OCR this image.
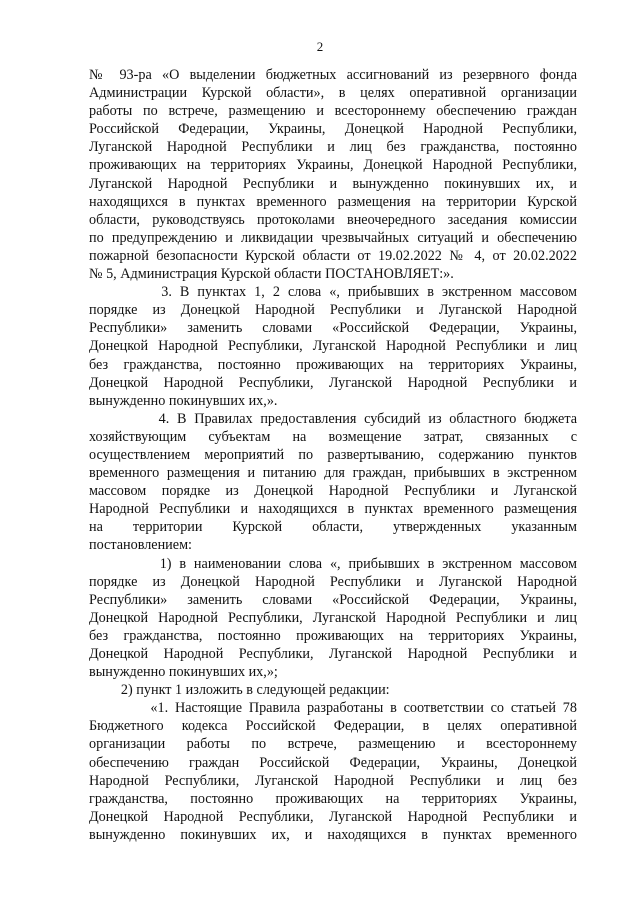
2
№ 93-ра «О выделении бюджетных ассигнований из резервного фонда
Администрации Курской области», в целях оперативной организации
работы по встрече, размещению и всестороннему обеспечению граждан
Российской Федерации, Украины, Донецкой Народной Республики,
Луганской Народной Республики и лиц без гражданства, постоянно
проживающих на территориях Украины, Донецкой Народной Республики,
Луганской Народной Республики и вынужденно покинувших их, и
находящихся в пунктах временного размещения на территории Курской
области, руководствуясь протоколами внеочередного заседания комиссии
по предупреждению и ликвидации чрезвычайных ситуаций и обеспечению
пожарной безопасности Курской области от 19.02.2022 № 4, от 20.02.2022
№ 5, Администрация Курской области ПОСТАНОВЛЯЕТ:».
3. В пунктах 1, 2 слова «, прибывших в экстренном массовом
порядке из Донецкой Народной Республики и Луганской Народной
Республики» заменить словами «Российской Федерации, Украины,
Донецкой Народной Республики, Луганской Народной Республики и лиц
без гражданства, постоянно проживающих на территориях Украины,
Донецкой Народной Республики, Луганской Народной Республики и
вынужденно покинувших их,».
4. В Правилах предоставления субсидий из областного бюджета
хозяйствующим субъектам на возмещение затрат, связанных с
осуществлением мероприятий по развертыванию, содержанию пунктов
временного размещения и питанию для граждан, прибывших в экстренном
массовом порядке из Донецкой Народной Республики и Луганской
Народной Республики и находящихся в пунктах временного размещения
на территории Курской области, утвержденных указанным
постановлением:
1) в наименовании слова «, прибывших в экстренном массовом
порядке из Донецкой Народной Республики и Луганской Народной
Республики» заменить словами «Российской Федерации, Украины,
Донецкой Народной Республики, Луганской Народной Республики и лиц
без гражданства, постоянно проживающих на территориях Украины,
Донецкой Народной Республики, Луганской Народной Республики и
вынужденно покинувших их,»;
2) пункт 1 изложить в следующей редакции:
«1. Настоящие Правила разработаны в соответствии со статьей 78
Бюджетного кодекса Российской Федерации, в целях оперативной
организации работы по встрече, размещению и всестороннему
обеспечению граждан Российской Федерации, Украины, Донецкой
Народной Республики, Луганской Народной Республики и лиц без
гражданства, постоянно проживающих на территориях Украины,
Донецкой Народной Республики, Луганской Народной Республики и
вынужденно покинувших их, и находящихся в пунктах временного
